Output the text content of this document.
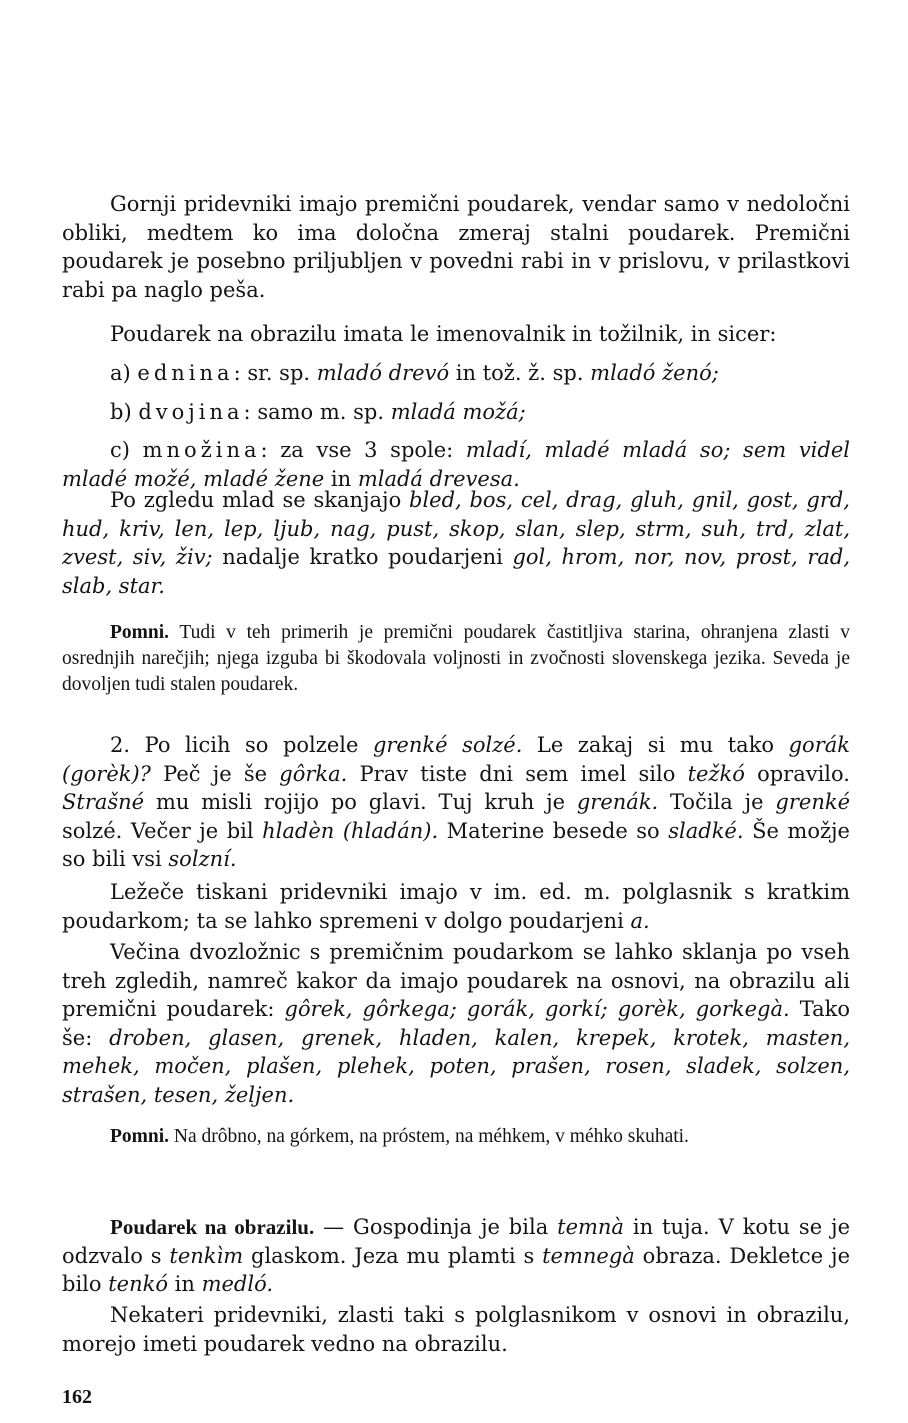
Gornji pridevniki imajo premični poudarek, vendar samo v nedoločni obliki, medtem ko ima določna zmeraj stalni poudarek. Premični poudarek je posebno priljubljen v povedni rabi in v prislovu, v prilastkovi rabi pa naglo peša.

Poudarek na obrazilu imata le imenovalnik in tožilnik, in sicer:

a) ednina: sr. sp. mladó drevó in tož. ž. sp. mladó ženó;

b) dvojina: samo m. sp. mladá možá;

c) množina: za vse 3 spole: mladí, mladé mladá so; sem videl mladé možé, mladé žene in mladá drevesa.

Po zgledu mlad se skanjajo bled, bos, cel, drag, gluh, gnil, gost, grd, hud, kriv, len, lep, ljub, nag, pust, skop, slan, slep, strm, suh, trd, zlat, zvest, siv, živ; nadalje kratko poudarjeni gol, hrom, nor, nov, prost, rad, slab, star.

Pomni. Tudi v teh primerih je premični poudarek častitljiva starina, ohranjena zlasti v osrednjih narečjih; njega izguba bi škodovala voljnosti in zvočnosti slovenskega jezika. Seveda je dovoljen tudi stalen poudarek.

2. Po licih so polzele grenké solzé. Le zakaj si mu tako gorák (gorèk)? Peč je še gôrka. Prav tiste dni sem imel silo težkó opravilo. Strašné mu misli rojijo po glavi. Tuj kruh je grenák. Točila je grenké solzé. Večer je bil hladèn (hladán). Materine besede so sladké. Še možje so bili vsi solzní.

Ležeče tiskani pridevniki imajo v im. ed. m. polglasnik s kratkim poudarkom; ta se lahko spremeni v dolgo poudarjeni a.

Večina dvozložnic s premičnim poudarkom se lahko sklanja po vseh treh zgledih, namreč kakor da imajo poudarek na osnovi, na obrazilu ali premični poudarek: gôrek, gôrkega; gorák, gorkí; gorèk, gorkegà. Tako še: droben, glasen, grenek, hladen, kalen, krepek, krotek, masten, mehek, močen, plašen, plehek, poten, prašen, rosen, sladek, solzen, strašen, tesen, željen.

Pomni. Na drôbno, na górkem, na próstem, na méhkem, v méhko skuhati.

Poudarek na obrazilu. — Gospodinja je bila temnà in tuja. V kotu se je odzvalo s tenkìm glaskom. Jeza mu plamti s temnegà obraza. Dekletce je bilo tenkó in medló.

Nekateri pridevniki, zlasti taki s polglasnikom v osnovi in obrazilu, morejo imeti poudarek vedno na obrazilu.

162
